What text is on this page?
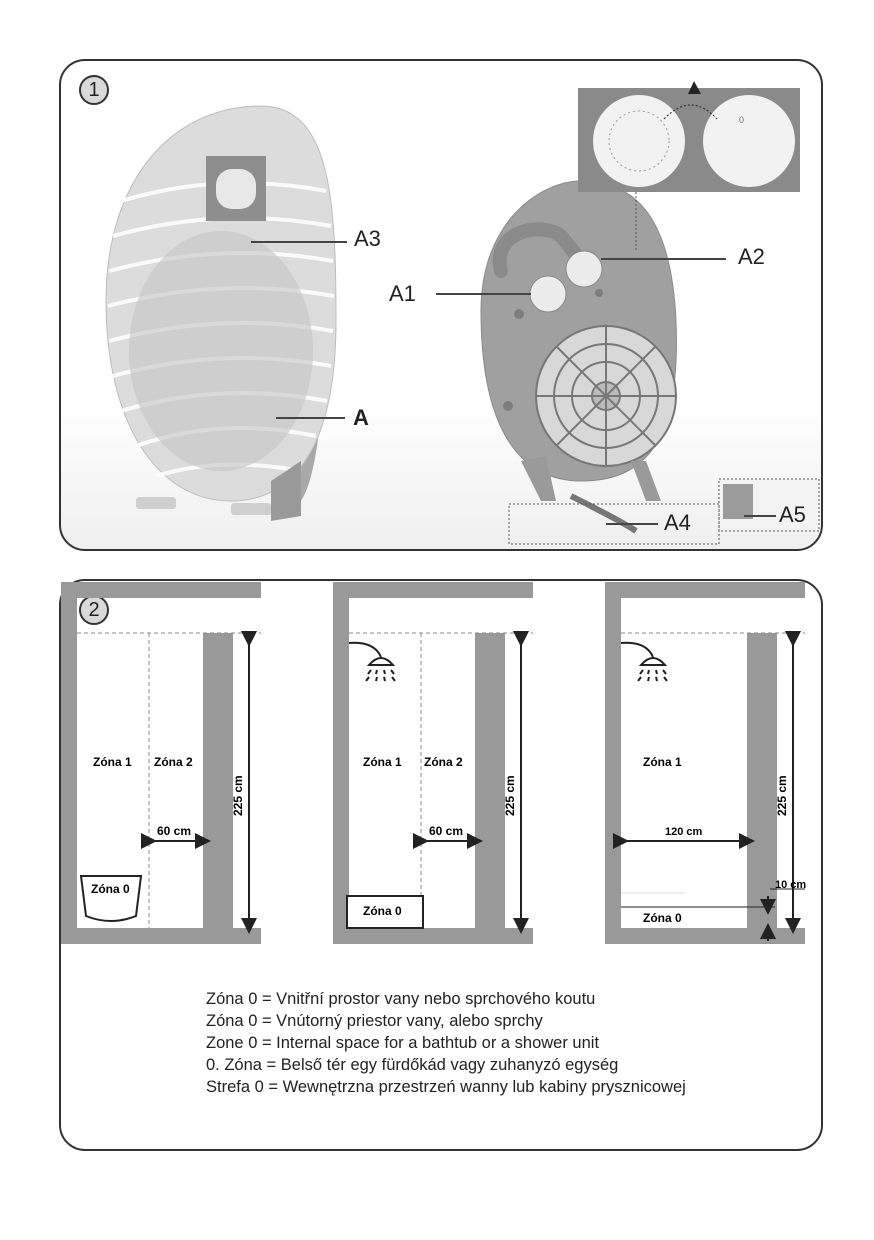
1
0
A3
A2
A1
A
A4	A5
2
Zóna 1 Zóna 2
Zóna 0
60 cm
225 cm
Zóna 1 Zóna 2
Zóna 0
60 cm
225 cm
Zóna 1
Zóna 0
120 cm
10 cm
225 cm
Zóna 0 = Vnitřní prostor vany nebo sprchového koutu
Zóna 0 = Vnútorný priestor vany, alebo sprchy
Zone 0 = Internal space for a bathtub or a shower unit
0. Zóna = Belső tér egy fürdőkád vagy zuhanyzó egység
Strefa 0 = Wewnętrzna przestrzeń wanny lub kabiny prysznicowej
